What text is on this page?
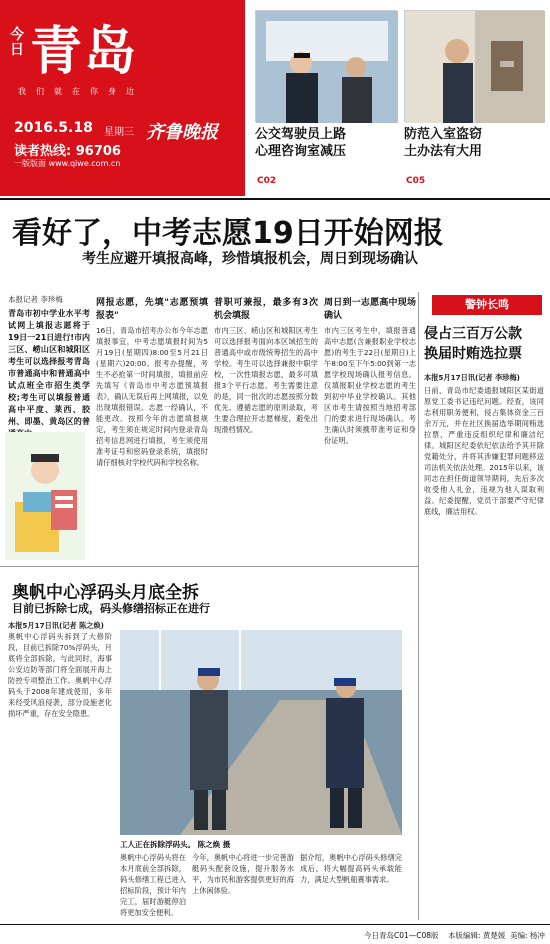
今日 青岛
我们就在你身边
2016.5.18 星期三
读者热线: 96706
一版版面 www.qiwe.com.cn
齐鲁晚报	公交驾驶员上路
心理咨询室减压
C02
防范入室盗窃
土办法有大用
C05
看好了，中考志愿19日开始网报
考生应避开填报高峰，珍惜填报机会，周日到现场确认
本报记者 李珍梅
青岛市初中学业水平考试网上填报志愿将于19日一21日进行!市内三区、崂山区和城阳区考生可以选择报考青岛市普通高中和普通高中试点班全市招生类学校;考生可以填报普通高中平度、莱西、胶州、即墨、黄岛区的普
网报志愿，先填"志愿预填报表"
16日，青岛市招考办公布今年志愿填报事宜，中考志愿填报时间为5月19日(星期四)8:00至5月21日(星期六)20:00。报考办提醒，考生不必抢第一时间填报，填报前应先填写《青岛市中考志愿预填报表》，确认无误后再上网填报，以免出现填报错误。志愿一经确认，不能更改。按照今年的志愿填报规定，考生须在规定时间内登录青岛招考信息网进行填报，考生须使用准考证号和密码登录系统，填报时请仔细核对学校代码和学校名称。
普职可兼报，最多有3次机会填报
市内三区、崂山区和城阳区考生可以选择报考面向本区域招生的普通高中或市级统筹招生的高中学校。考生可以选择兼报中职学校，一次性填报志愿，最多可填报3个平行志愿。考生需要注意的是，同一批次的志愿按照分数优先、遵循志愿的原则录取，考生要合理拉开志愿梯度，避免出现滑档情况。
周日到一志愿高中现场确认
市内三区考生中，填报普通高中志愿(含兼报职业学校志愿)的考生于22日(星期日)上午8:00至下午5:00到第一志愿学校现场确认报考信息。仅填报职业学校志愿的考生到初中毕业学校确认。其他区市考生请按照当地招考部门的要求进行现场确认。考生确认时须携带准考证和身份证明。
警钟长鸣
侵占三百万公款
换届时贿选拉票
本报5月17日讯(记者 李珍梅)
日前，青岛市纪委通报城阳区某街道原党工委书记违纪问题。经查，该同志利用职务便利，侵占集体资金三百余万元，并在社区换届选举期间贿选拉票，严重违反组织纪律和廉洁纪律。城阳区纪委依纪依法给予其开除党籍处分，并将其涉嫌犯罪问题移送司法机关依法处理。2015年以来，该同志在担任街道领导期间，先后多次收受他人礼金，违规为他人谋取利益。纪委提醒，党员干部要严守纪律底线，廉洁用权。
奥帆中心浮码头月底全拆
目前已拆除七成，码头修缮招标正在进行
本报5月17日讯(记者 陈之焕)
奥帆中心浮码头拆到了大修阶段，目前已拆除70%浮码头，月底将全部拆除。与此同时，海事公安边防等部门将全面展开海上防控专项整治工作。奥帆中心浮码头于2008年建成使用，多年来经受风浪侵袭，部分设施老化损坏严重，存在安全隐患。
工人正在拆除浮码头。 陈之焕 摄
奥帆中心浮码头将在本月底前全部拆除，码头修缮工程已进入招标阶段，预计年内完工，届时游艇停泊将更加安全便利。
今年，奥帆中心将进一步完善游艇码头配套设施，提升服务水平，为市民和游客提供更好的海上休闲体验。
据介绍，奥帆中心浮码头修缮完成后，将大幅提高码头承载能力，满足大型帆船赛事需求。
今日青岛C01—C08版 本版编辑: 黄楚媛 美编: 杨冲
